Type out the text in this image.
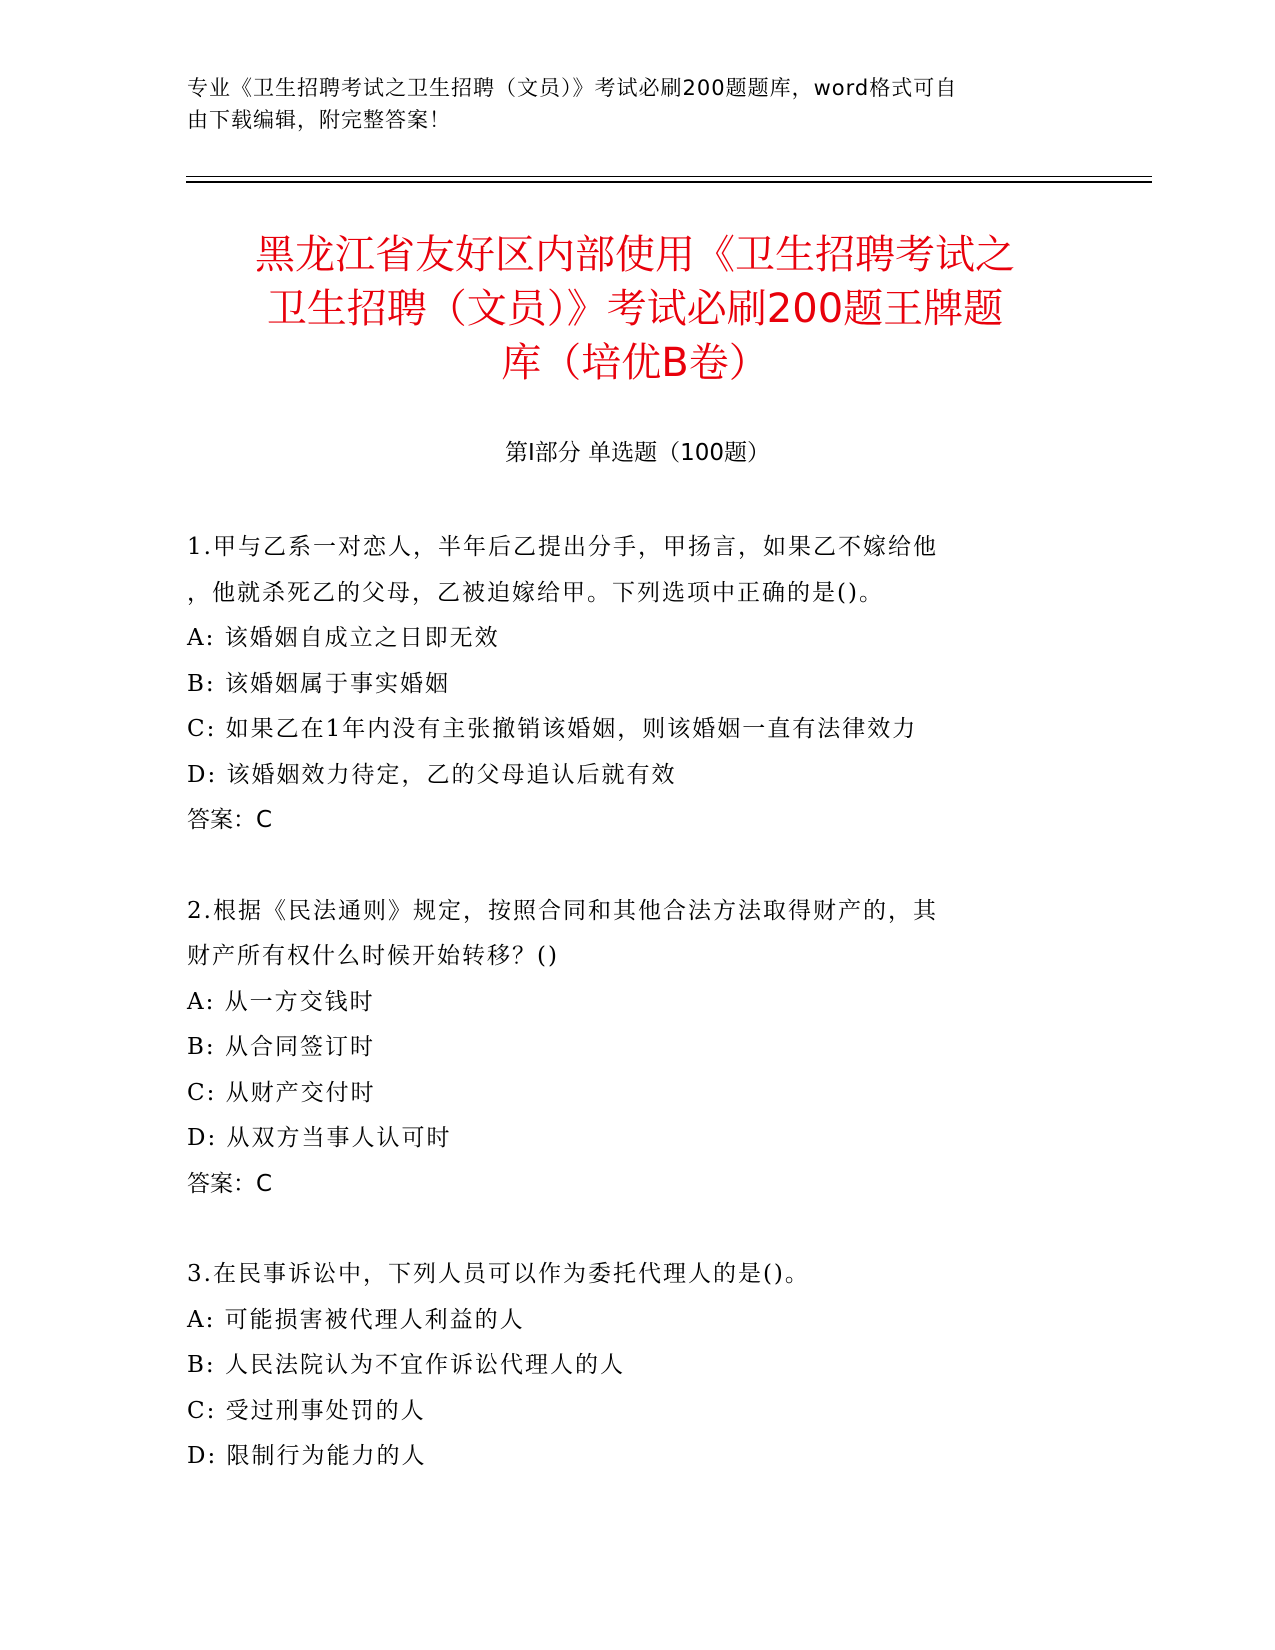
专业《卫生招聘考试之卫生招聘（文员）》考试必刷200题题库，word格式可自
由下载编辑，附完整答案！
黑龙江省友好区内部使用《卫生招聘考试之
卫生招聘（文员）》考试必刷200题王牌题
库（培优B卷）
第Ⅰ部分 单选题（100题）
1.甲与乙系一对恋人，半年后乙提出分手，甲扬言，如果乙不嫁给他
，他就杀死乙的父母，乙被迫嫁给甲。下列选项中正确的是()。
A: 该婚姻自成立之日即无效
B: 该婚姻属于事实婚姻
C: 如果乙在1年内没有主张撤销该婚姻，则该婚姻一直有法律效力
D: 该婚姻效力待定，乙的父母追认后就有效
答案：C
2.根据《民法通则》规定，按照合同和其他合法方法取得财产的，其
财产所有权什么时候开始转移？()
A: 从一方交钱时
B: 从合同签订时
C: 从财产交付时
D: 从双方当事人认可时
答案：C
3.在民事诉讼中，下列人员可以作为委托代理人的是()。
A: 可能损害被代理人利益的人
B: 人民法院认为不宜作诉讼代理人的人
C: 受过刑事处罚的人
D: 限制行为能力的人
